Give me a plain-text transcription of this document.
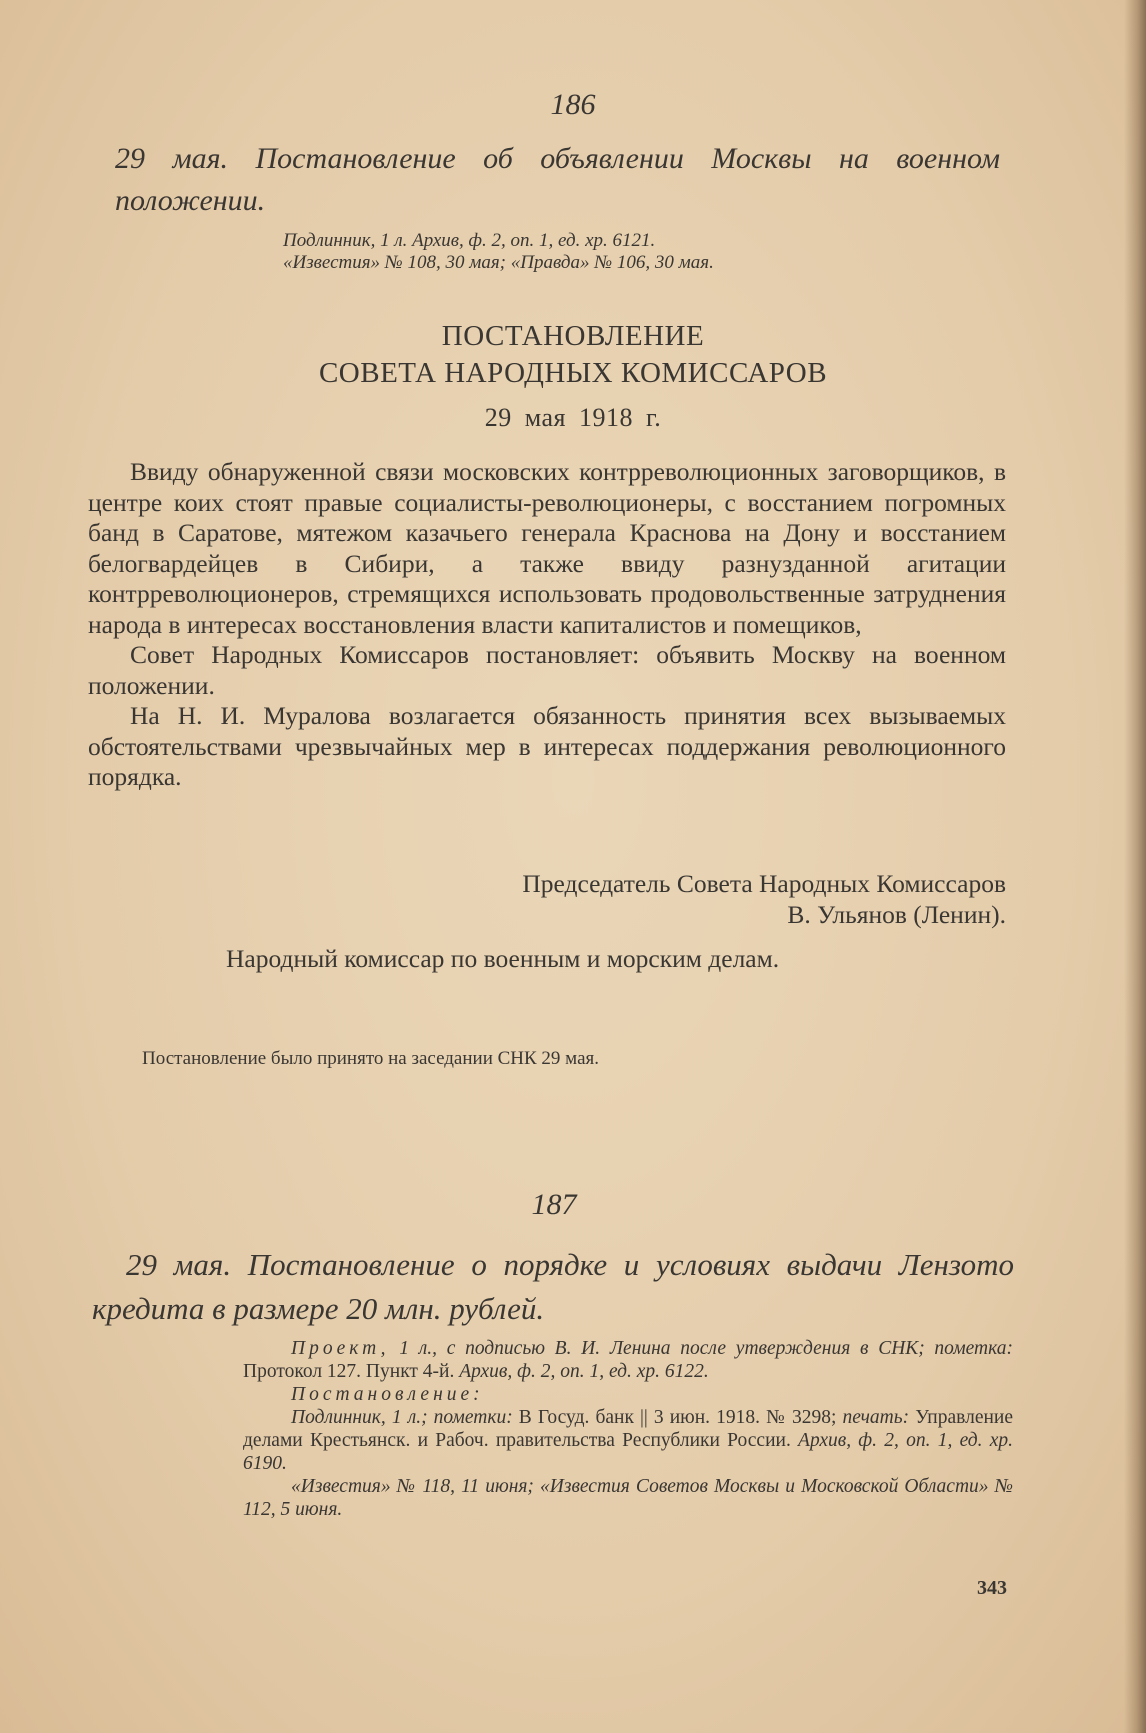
186

29 мая. Постановление об объявлении Москвы на военном положении.

Подлинник, 1 л. Архив, ф. 2, оп. 1, ед. хр. 6121.

«Известия» № 108, 30 мая; «Правда» № 106, 30 мая.

ПОСТАНОВЛЕНИЕ
СОВЕТА НАРОДНЫХ КОМИССАРОВ
29 мая 1918 г.

Ввиду обнаруженной связи московских контрреволюционных заговорщиков, в центре коих стоят правые социалисты-революционеры, с восстанием погромных банд в Саратове, мятежом казачьего генерала Краснова на Дону и восстанием белогвардейцев в Сибири, а также ввиду разнузданной агитации контрреволюционеров, стремящихся использовать продовольственные затруднения народа в интересах восстановления власти капиталистов и помещиков,

Совет Народных Комиссаров постановляет: объявить Москву на военном положении.

На Н. И. Муралова возлагается обязанность принятия всех вызываемых обстоятельствами чрезвычайных мер в интересах поддержания революционного порядка.

Председатель Совета Народных Комиссаров

В. Ульянов (Ленин).

Народный комиссар по военным и морским делам.

Постановление было принято на заседании СНК 29 мая.

187

29 мая. Постановление о порядке и условиях выдачи Лензото кредита в размере 20 млн. рублей.

Проект, 1 л., с подписью В. И. Ленина после утверждения в СНК; пометка: Протокол 127. Пункт 4-й. Архив, ф. 2, оп. 1, ед. хр. 6122.

Постановление:

Подлинник, 1 л.; пометки: В Госуд. банк || 3 июн. 1918. № 3298; печать: Управление делами Крестьянск. и Рабоч. правительства Республики России. Архив, ф. 2, оп. 1, ед. хр. 6190.

«Известия» № 118, 11 июня; «Известия Советов Москвы и Московской Области» № 112, 5 июня.

343
